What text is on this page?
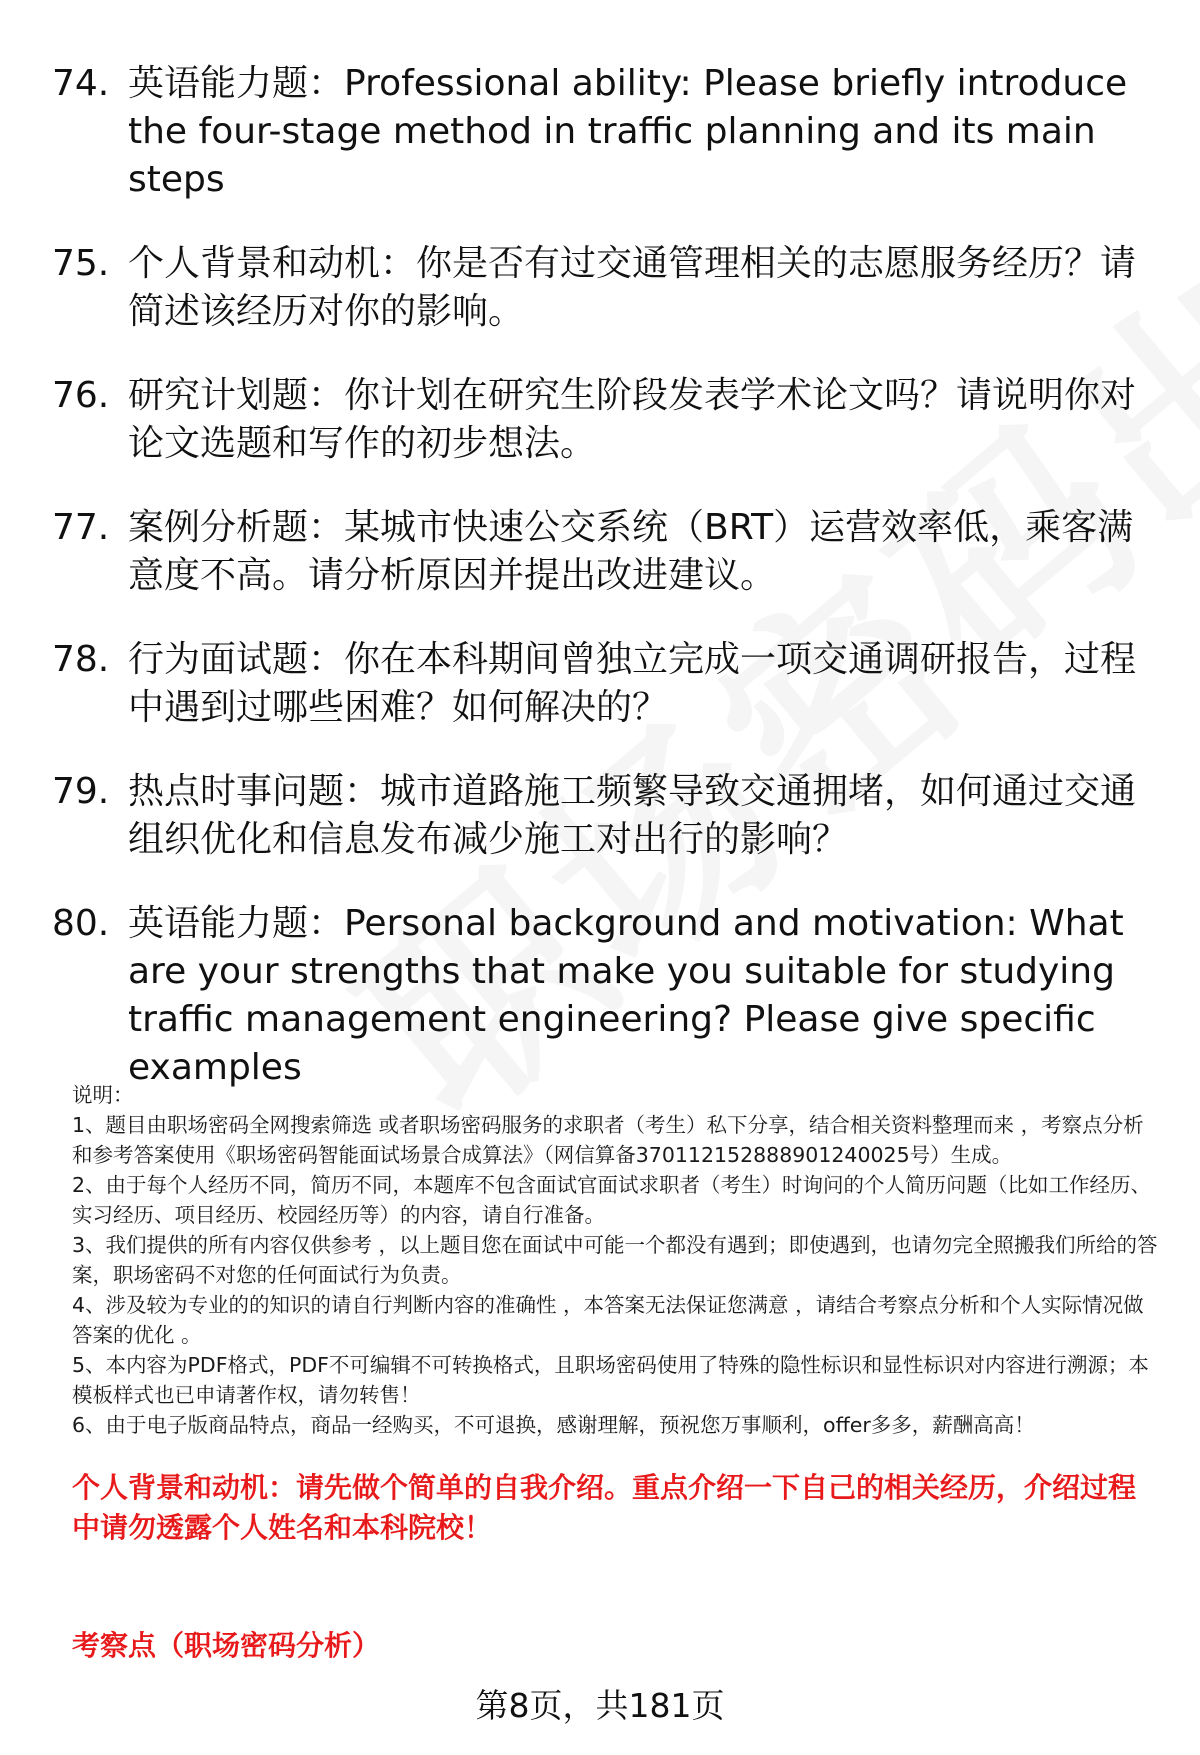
74. 英语能力题：Professional ability: Please briefly introduce the four-stage method in traffic planning and its main steps
75. 个人背景和动机：你是否有过交通管理相关的志愿服务经历？请简述该经历对你的影响。
76. 研究计划题：你计划在研究生阶段发表学术论文吗？请说明你对论文选题和写作的初步想法。
77. 案例分析题：某城市快速公交系统（BRT）运营效率低，乘客满意度不高。请分析原因并提出改进建议。
78. 行为面试题：你在本科期间曾独立完成一项交通调研报告，过程中遇到过哪些困难？如何解决的？
79. 热点时事问题：城市道路施工频繁导致交通拥堵，如何通过交通组织优化和信息发布减少施工对出行的影响？
80. 英语能力题：Personal background and motivation: What are your strengths that make you suitable for studying traffic management engineering? Please give specific examples

说明：

1、题目由职场密码全网搜索筛选 或者职场密码服务的求职者（考生）私下分享，结合相关资料整理而来 ，考察点分析和参考答案使用《职场密码智能面试场景合成算法》（网信算备370112152888901240025号）生成。

2、由于每个人经历不同，简历不同，本题库不包含面试官面试求职者（考生）时询问的个人简历问题（比如工作经历、实习经历、项目经历、校园经历等）的内容，请自行准备。

3、我们提供的所有内容仅供参考 ，以上题目您在面试中可能一个都没有遇到；即使遇到，也请勿完全照搬我们所给的答案，职场密码不对您的任何面试行为负责。

4、涉及较为专业的的知识的请自行判断内容的准确性 ，本答案无法保证您满意 ，请结合考察点分析和个人实际情况做答案的优化 。

5、本内容为PDF格式，PDF不可编辑不可转换格式，且职场密码使用了特殊的隐性标识和显性标识对内容进行溯源；本模板样式也已申请著作权，请勿转售！

6、由于电子版商品特点，商品一经购买，不可退换，感谢理解，预祝您万事顺利，offer多多，薪酬高高！

个人背景和动机：请先做个简单的自我介绍。重点介绍一下自己的相关经历，介绍过程中请勿透露个人姓名和本科院校！
考察点（职场密码分析）
第8页，共181页
